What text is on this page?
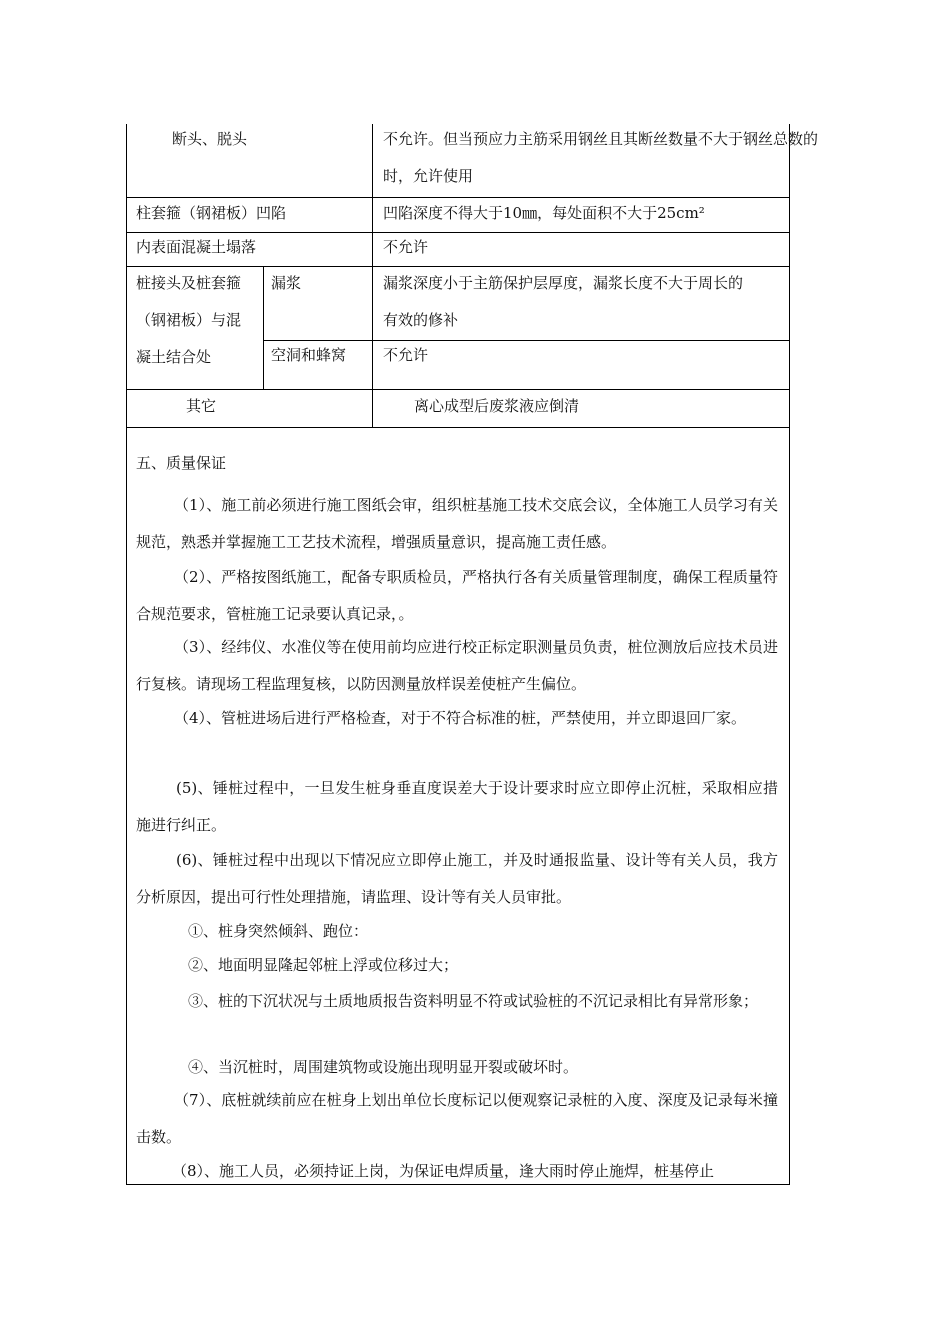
断头、脱头	不允许。但当预应力主筋采用钢丝且其断丝数量不大于钢丝总数的
时，允许使用
柱套箍（钢裙板）凹陷	凹陷深度不得大于10㎜，每处面积不大于25cm²
内表面混凝土塌落	不允许
桩接头及桩套箍
（钢裙板）与混
凝土结合处
漏浆	漏浆深度小于主筋保护层厚度，漏浆长度不大于周长的
有效的修补
空洞和蜂窝 不允许
其它	离心成型后废浆液应倒清
五、质量保证
（1）、施工前必须进行施工图纸会审，组织桩基施工技术交底会议，全体施工人员学习有关规范，熟悉并掌握施工工艺技术流程，增强质量意识，提高施工责任感。
（2）、严格按图纸施工，配备专职质检员，严格执行各有关质量管理制度，确保工程质量符合规范要求，管桩施工记录要认真记录，。
（3）、经纬仪、水准仪等在使用前均应进行校正标定职测量员负责，桩位测放后应技术员进行复核。请现场工程监理复核，以防因测量放样误差使桩产生偏位。
（4）、管桩进场后进行严格检查，对于不符合标准的桩，严禁使用，并立即退回厂家。
(5)、锤桩过程中，一旦发生桩身垂直度误差大于设计要求时应立即停止沉桩，采取相应措施进行纠正。
(6)、锤桩过程中出现以下情况应立即停止施工，并及时通报监量、设计等有关人员，我方分析原因，提出可行性处理措施，请监理、设计等有关人员审批。
①、桩身突然倾斜、跑位：
②、地面明显隆起邻桩上浮或位移过大；
③、桩的下沉状况与土质地质报告资料明显不符或试验桩的不沉记录相比有异常形象；
④、当沉桩时，周围建筑物或设施出现明显开裂或破坏时。
（7）、底桩就续前应在桩身上划出单位长度标记以便观察记录桩的入度、深度及记录每米撞击数。
（8）、施工人员，必须持证上岗，为保证电焊质量，逢大雨时停止施焊，桩基停止
